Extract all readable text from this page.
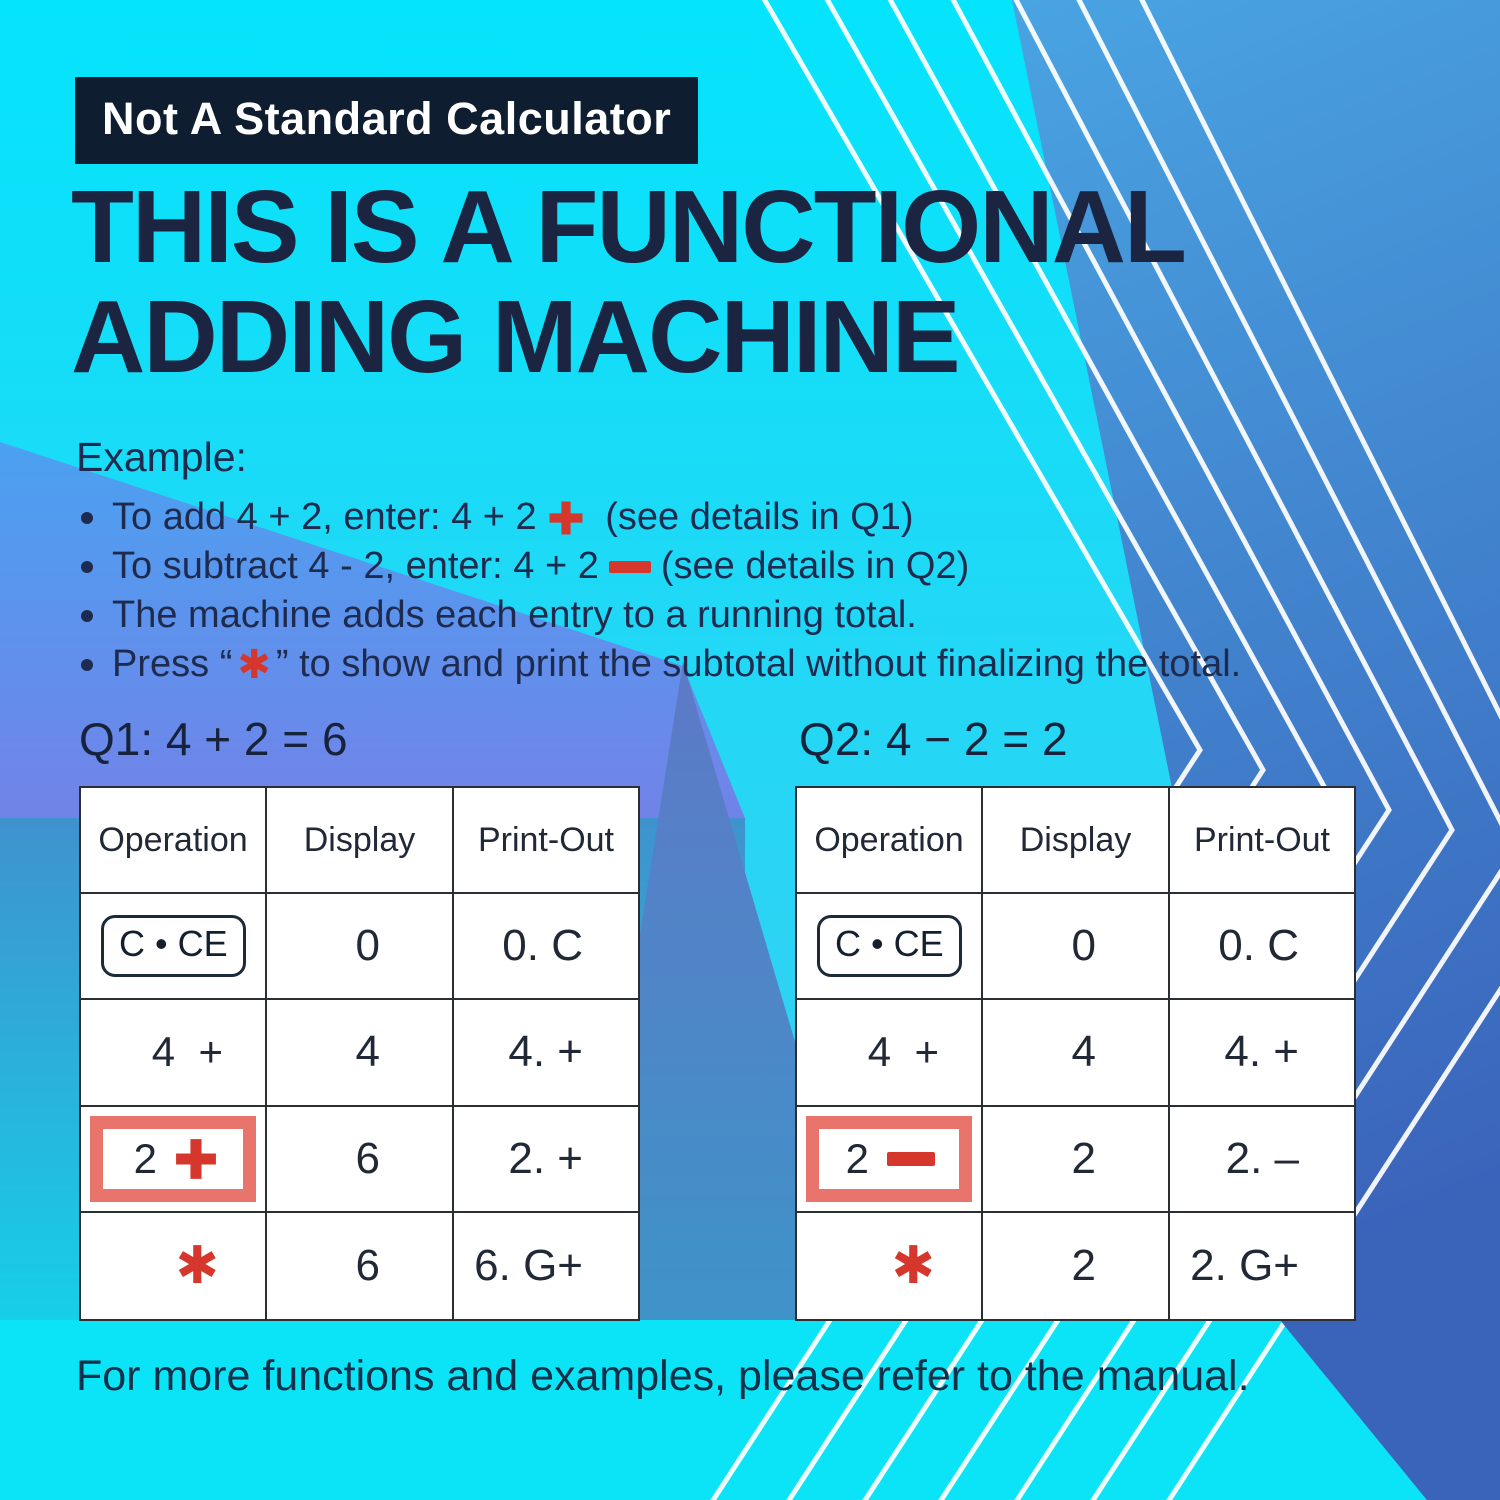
Not A Standard Calculator
THIS IS A FUNCTIONAL
ADDING MACHINE
Example:
To add 4 + 2, enter: 4 + 2 (see details in Q1)
To subtract 4 - 2, enter: 4 + 2 (see details in Q2)
The machine adds each entry to a running total.
Press “ ✱ ” to show and print the subtotal without finalizing the total.
Q1: 4 + 2 = 6
Operation	Display	Print-Out
C • CE	0	0. C
4  +	4	4. +
2	6	2. +
✱	6	6. G+
Q2: 4 − 2 = 2
Operation	Display	Print-Out
C • CE	0	0. C
4  +	4	4. +
2	2	2. –
✱	2	2. G+
For more functions and examples, please refer to the manual.
